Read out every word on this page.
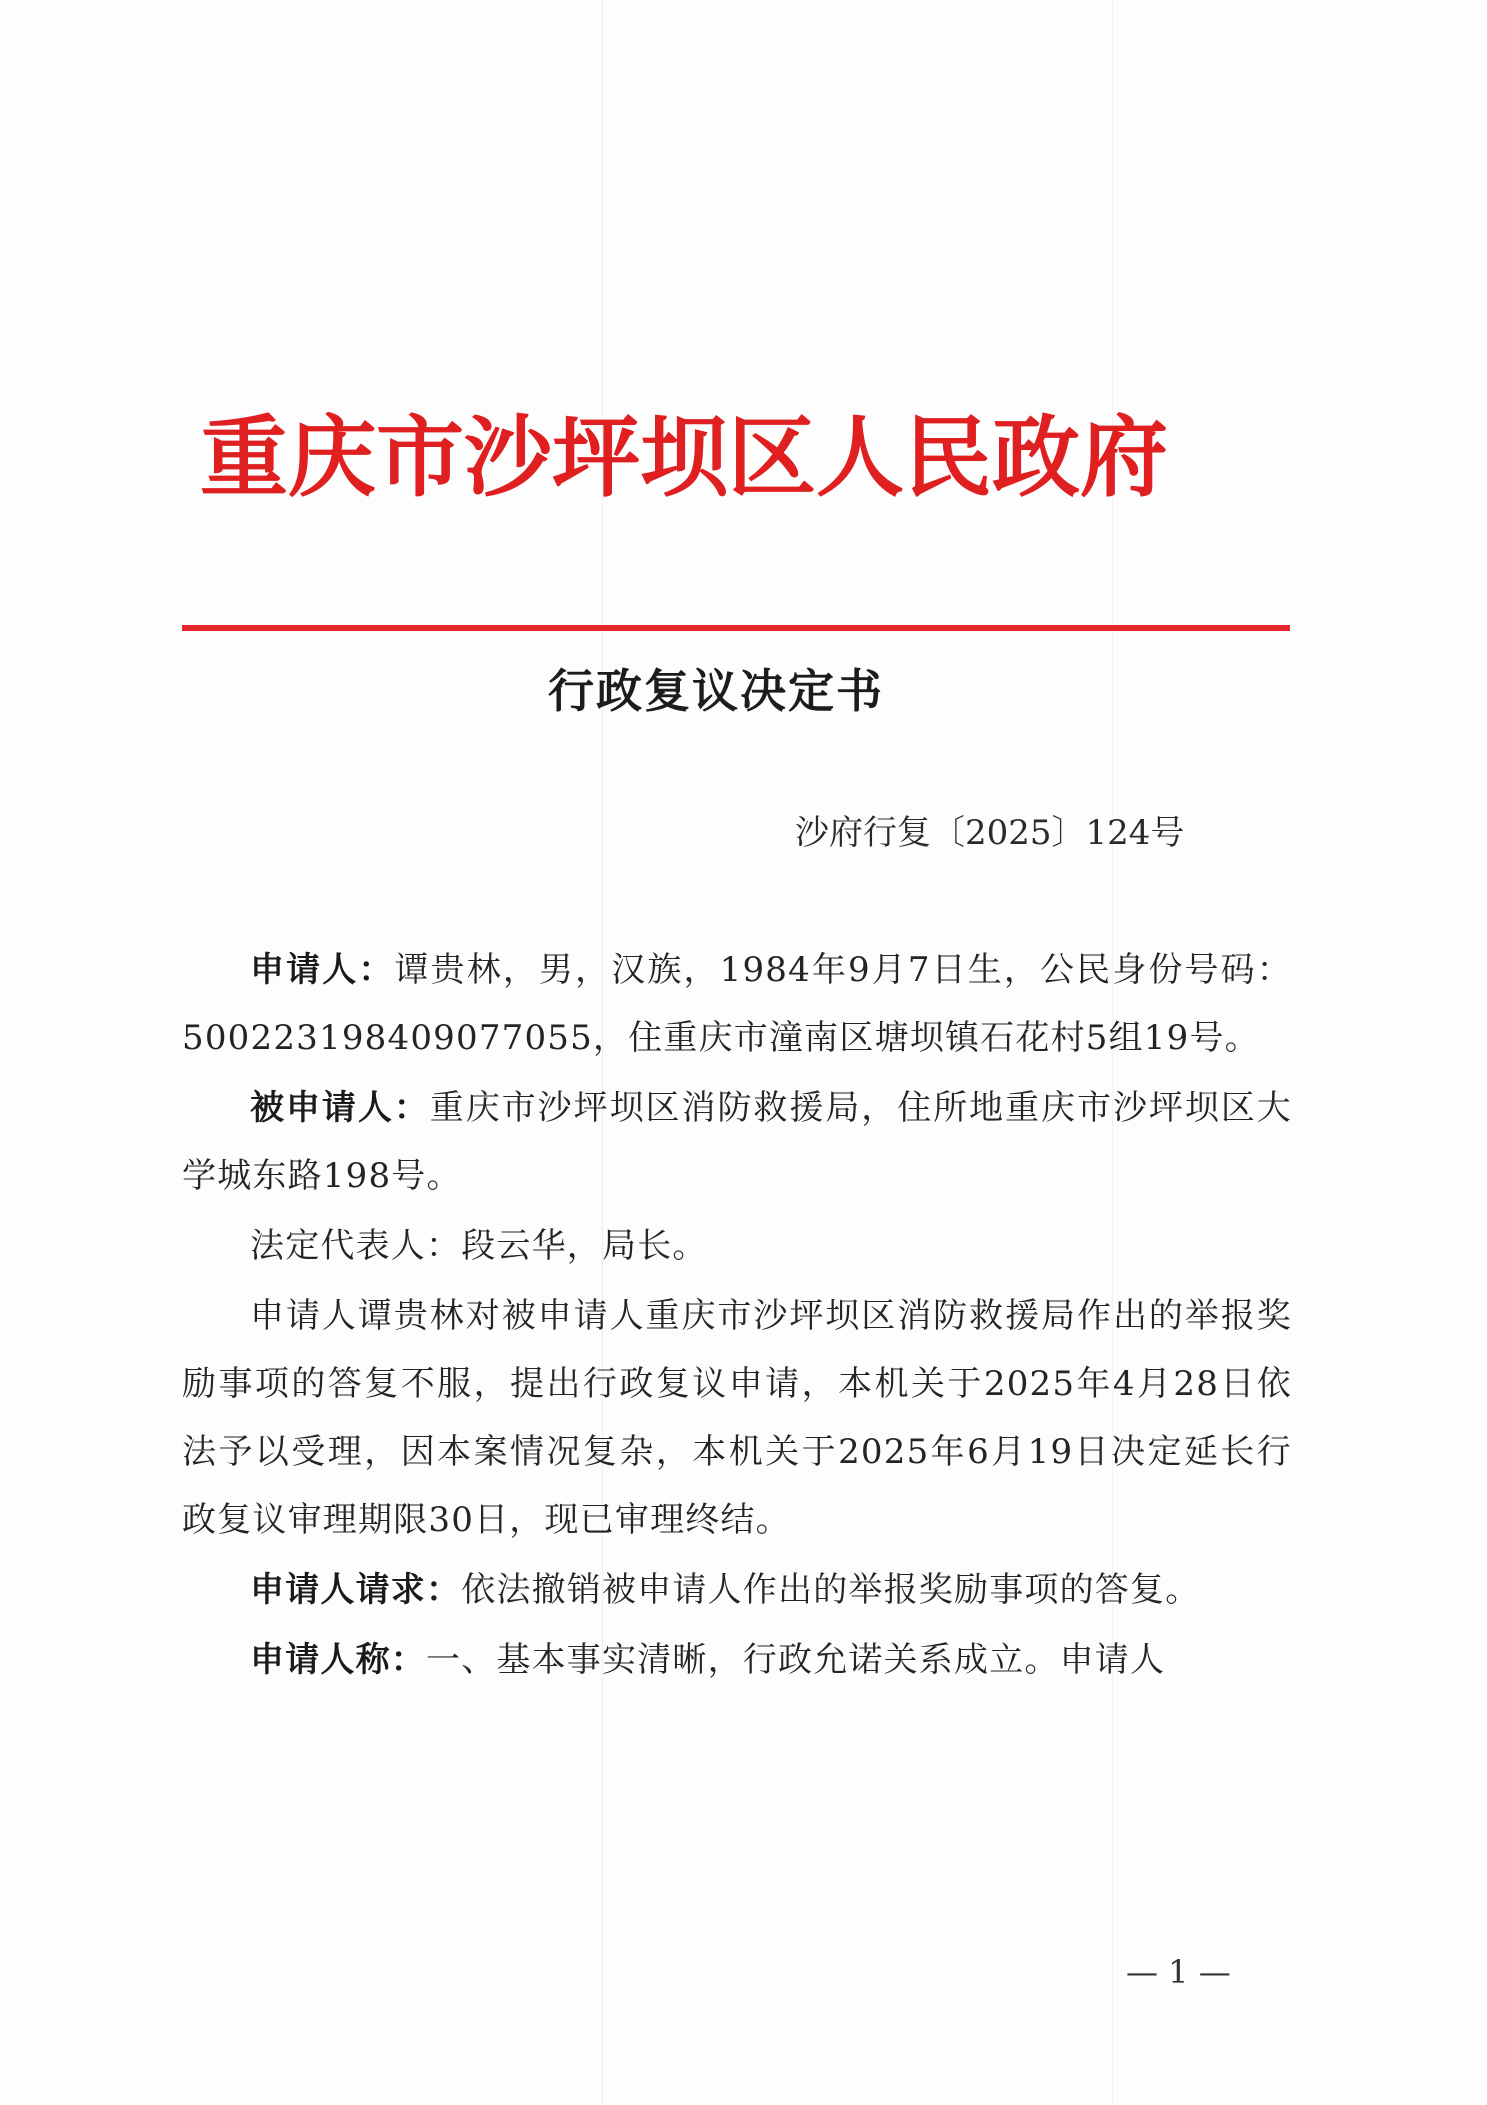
重庆市沙坪坝区人民政府
行政复议决定书
沙府行复〔2025〕124号

申请人：谭贵林，男，汉族，1984年9月7日生，公民身份号码：500223198409077055，住重庆市潼南区塘坝镇石花村5组19号。

被申请人：重庆市沙坪坝区消防救援局，住所地重庆市沙坪坝区大学城东路198号。

法定代表人：段云华，局长。

申请人谭贵林对被申请人重庆市沙坪坝区消防救援局作出的举报奖励事项的答复不服，提出行政复议申请，本机关于2025年4月28日依法予以受理，因本案情况复杂，本机关于2025年6月19日决定延长行政复议审理期限30日，现已审理终结。

申请人请求：依法撤销被申请人作出的举报奖励事项的答复。

申请人称：一、基本事实清晰，行政允诺关系成立。申请人

— 1 —
